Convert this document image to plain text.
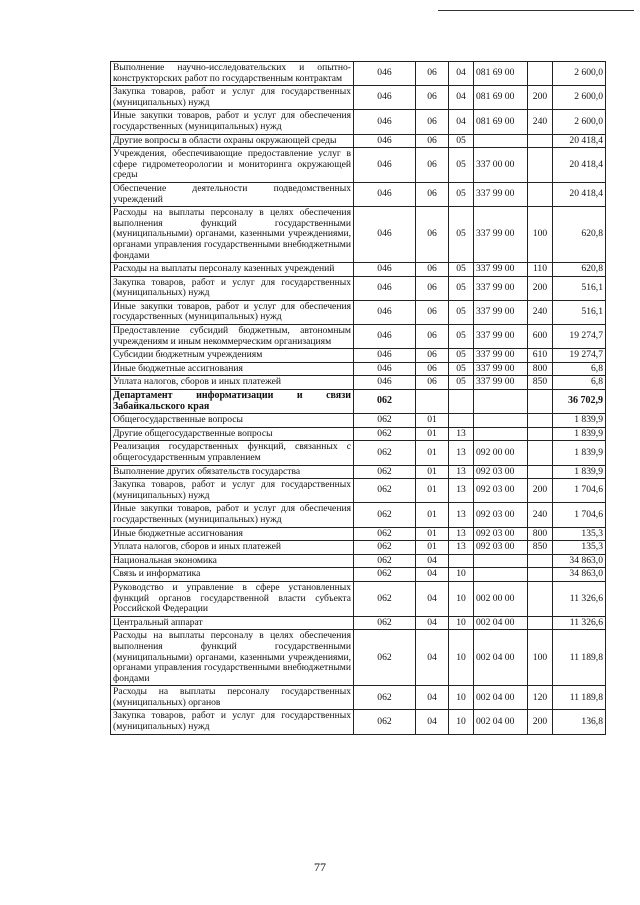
Выполнение научно-исследовательских и опытно-конструкторских работ по государственным контрактам	046	06	04	081 69 00		2 600,0
Закупка товаров, работ и услуг для государственных (муниципальных) нужд	046	06	04	081 69 00	200	2 600,0
Иные закупки товаров, работ и услуг для обеспечения государственных (муниципальных) нужд	046	06	04	081 69 00	240	2 600,0
Другие вопросы в области охраны окружающей среды	046	06	05			20 418,4
Учреждения, обеспечивающие предоставление услуг в сфере гидрометеорологии и мониторинга окружающей среды	046	06	05	337 00 00		20 418,4
Обеспечение деятельности подведомственных учреждений	046	06	05	337 99 00		20 418,4
Расходы на выплаты персоналу в целях обеспечения выполнения функций государственными (муниципальными) органами, казенными учреждениями, органами управления государственными внебюджетными фондами	046	06	05	337 99 00	100	620,8
Расходы на выплаты персоналу казенных учреждений	046	06	05	337 99 00	110	620,8
Закупка товаров, работ и услуг для государственных (муниципальных) нужд	046	06	05	337 99 00	200	516,1
Иные закупки товаров, работ и услуг для обеспечения государственных (муниципальных) нужд	046	06	05	337 99 00	240	516,1
Предоставление субсидий бюджетным, автономным учреждениям и иным некоммерческим организациям	046	06	05	337 99 00	600	19 274,7
Субсидии бюджетным учреждениям	046	06	05	337 99 00	610	19 274,7
Иные бюджетные ассигнования	046	06	05	337 99 00	800	6,8
Уплата налогов, сборов и иных платежей	046	06	05	337 99 00	850	6,8
Департамент информатизации и связи Забайкальского края	062					36 702,9
Общегосударственные вопросы	062	01				1 839,9
Другие общегосударственные вопросы	062	01	13			1 839,9
Реализация государственных функций, связанных с общегосударственным управлением	062	01	13	092 00 00		1 839,9
Выполнение других обязательств государства	062	01	13	092 03 00		1 839,9
Закупка товаров, работ и услуг для государственных (муниципальных) нужд	062	01	13	092 03 00	200	1 704,6
Иные закупки товаров, работ и услуг для обеспечения государственных (муниципальных) нужд	062	01	13	092 03 00	240	1 704,6
Иные бюджетные ассигнования	062	01	13	092 03 00	800	135,3
Уплата налогов, сборов и иных платежей	062	01	13	092 03 00	850	135,3
Национальная экономика	062	04				34 863,0
Связь и информатика	062	04	10			34 863,0
Руководство и управление в сфере установленных функций органов государственной власти субъекта Российской Федерации	062	04	10	002 00 00		11 326,6
Центральный аппарат	062	04	10	002 04 00		11 326,6
Расходы на выплаты персоналу в целях обеспечения выполнения функций государственными (муниципальными) органами, казенными учреждениями, органами управления государственными внебюджетными фондами	062	04	10	002 04 00	100	11 189,8
Расходы на выплаты персоналу государственных (муниципальных) органов	062	04	10	002 04 00	120	11 189,8
Закупка товаров, работ и услуг для государственных (муниципальных) нужд	062	04	10	002 04 00	200	136,8
77
